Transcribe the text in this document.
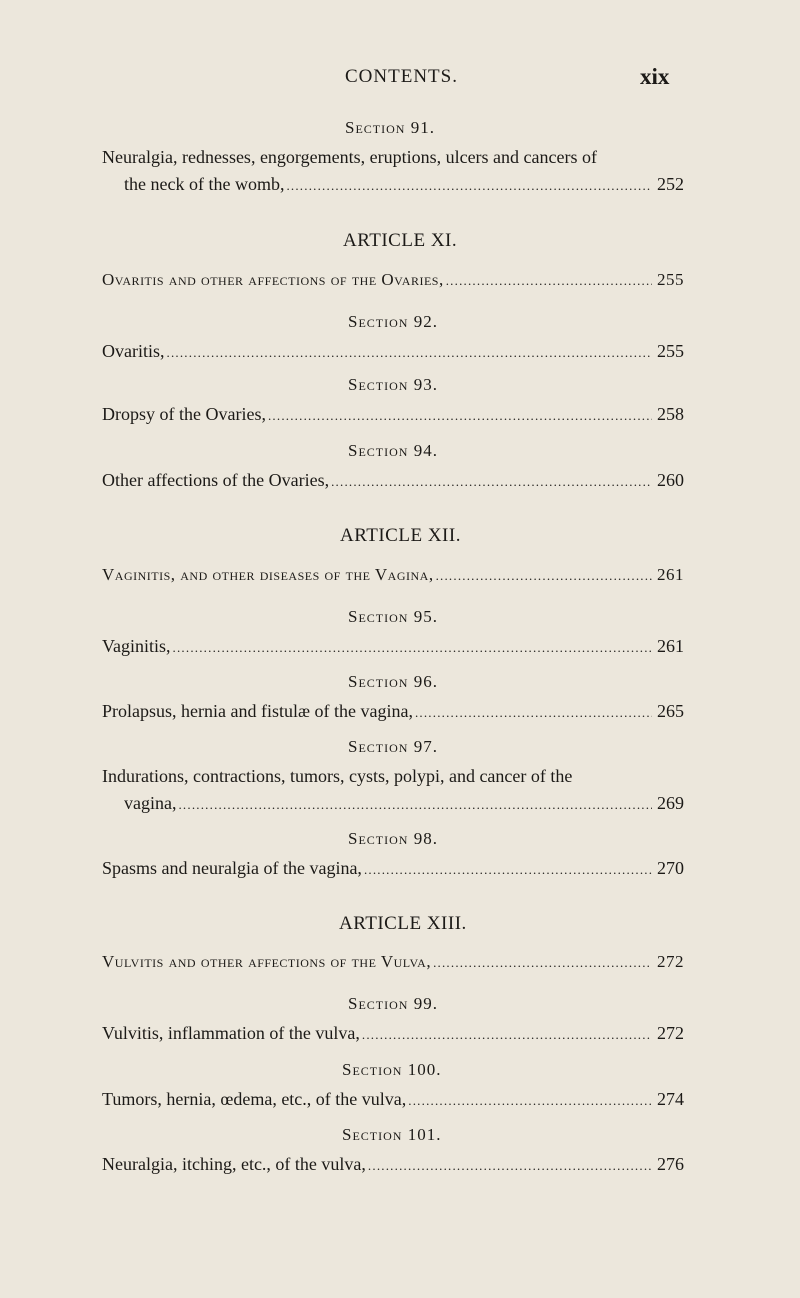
CONTENTS.	xix
Section 91.
Neuralgia, rednesses, engorgements, eruptions, ulcers and cancers of
the neck of the womb, .....	252
ARTICLE XI.
Ovaritis and other affections of the Ovaries, .....	255
Section 92.
Ovaritis, .....	255
Section 93.
Dropsy of the Ovaries, .....	258
Section 94.
Other affections of the Ovaries, .....	260
ARTICLE XII.
Vaginitis, and other diseases of the Vagina, .....	261
Section 95.
Vaginitis, .....	261
Section 96.
Prolapsus, hernia and fistulæ of the vagina, .....	265
Section 97.
Indurations, contractions, tumors, cysts, polypi, and cancer of the
vagina, .....	269
Section 98.
Spasms and neuralgia of the vagina, .....	270
ARTICLE XIII.
Vulvitis and other affections of the Vulva, .....	272
Section 99.
Vulvitis, inflammation of the vulva, .....	272
Section 100.
Tumors, hernia, œdema, etc., of the vulva, .....	274
Section 101.
Neuralgia, itching, etc., of the vulva, .....	276
